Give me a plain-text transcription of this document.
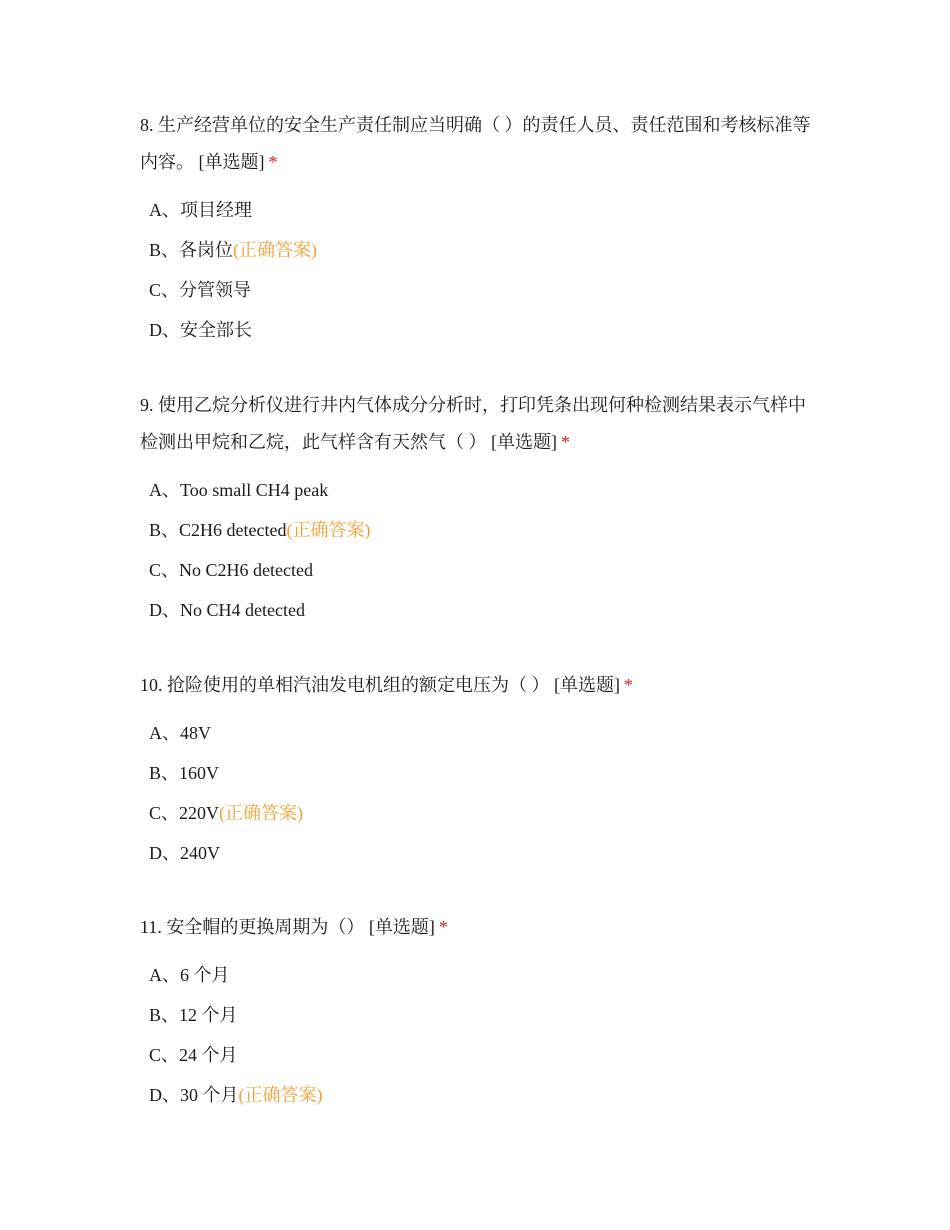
8. 生产经营单位的安全生产责任制应当明确（ ）的责任人员、责任范围和考核标准等内容。 [单选题] *

A、项目经理
B、各岗位(正确答案)
C、分管领导
D、安全部长

9. 使用乙烷分析仪进行井内气体成分分析时，打印凭条出现何种检测结果表示气样中检测出甲烷和乙烷，此气样含有天然气（ ） [单选题] *

A、Too small CH4 peak
B、C2H6 detected(正确答案)
C、No C2H6 detected
D、No CH4 detected

10. 抢险使用的单相汽油发电机组的额定电压为（ ） [单选题] *

A、48V
B、160V
C、220V(正确答案)
D、240V

11. 安全帽的更换周期为（） [单选题] *

A、6 个月
B、12 个月
C、24 个月
D、30 个月(正确答案)
